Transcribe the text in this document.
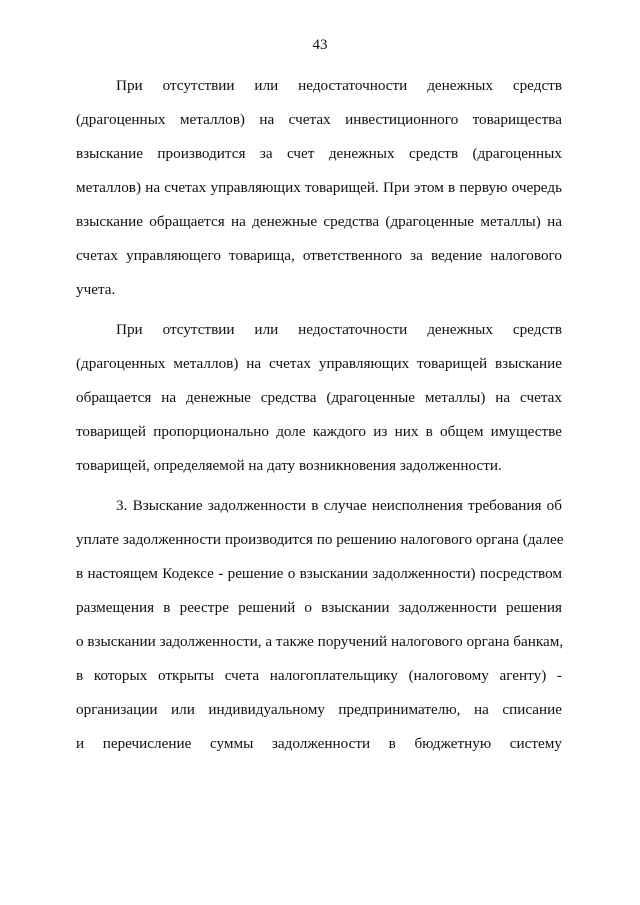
43

При отсутствии или недостаточности денежных средств
(драгоценных металлов) на счетах инвестиционного товарищества
взыскание производится за счет денежных средств (драгоценных
металлов) на счетах управляющих товарищей. При этом в первую очередь
взыскание обращается на денежные средства (драгоценные металлы) на
счетах управляющего товарища, ответственного за ведение налогового
учета.

При отсутствии или недостаточности денежных средств
(драгоценных металлов) на счетах управляющих товарищей взыскание
обращается на денежные средства (драгоценные металлы) на счетах
товарищей пропорционально доле каждого из них в общем имуществе
товарищей, определяемой на дату возникновения задолженности.

3. Взыскание задолженности в случае неисполнения требования об
уплате задолженности производится по решению налогового органа (далее
в настоящем Кодексе - решение о взыскании задолженности) посредством
размещения в реестре решений о взыскании задолженности решения
о взыскании задолженности, а также поручений налогового органа банкам,
в которых открыты счета налогоплательщику (налоговому агенту) -
организации или индивидуальному предпринимателю, на списание
и перечисление суммы задолженности в бюджетную систему
